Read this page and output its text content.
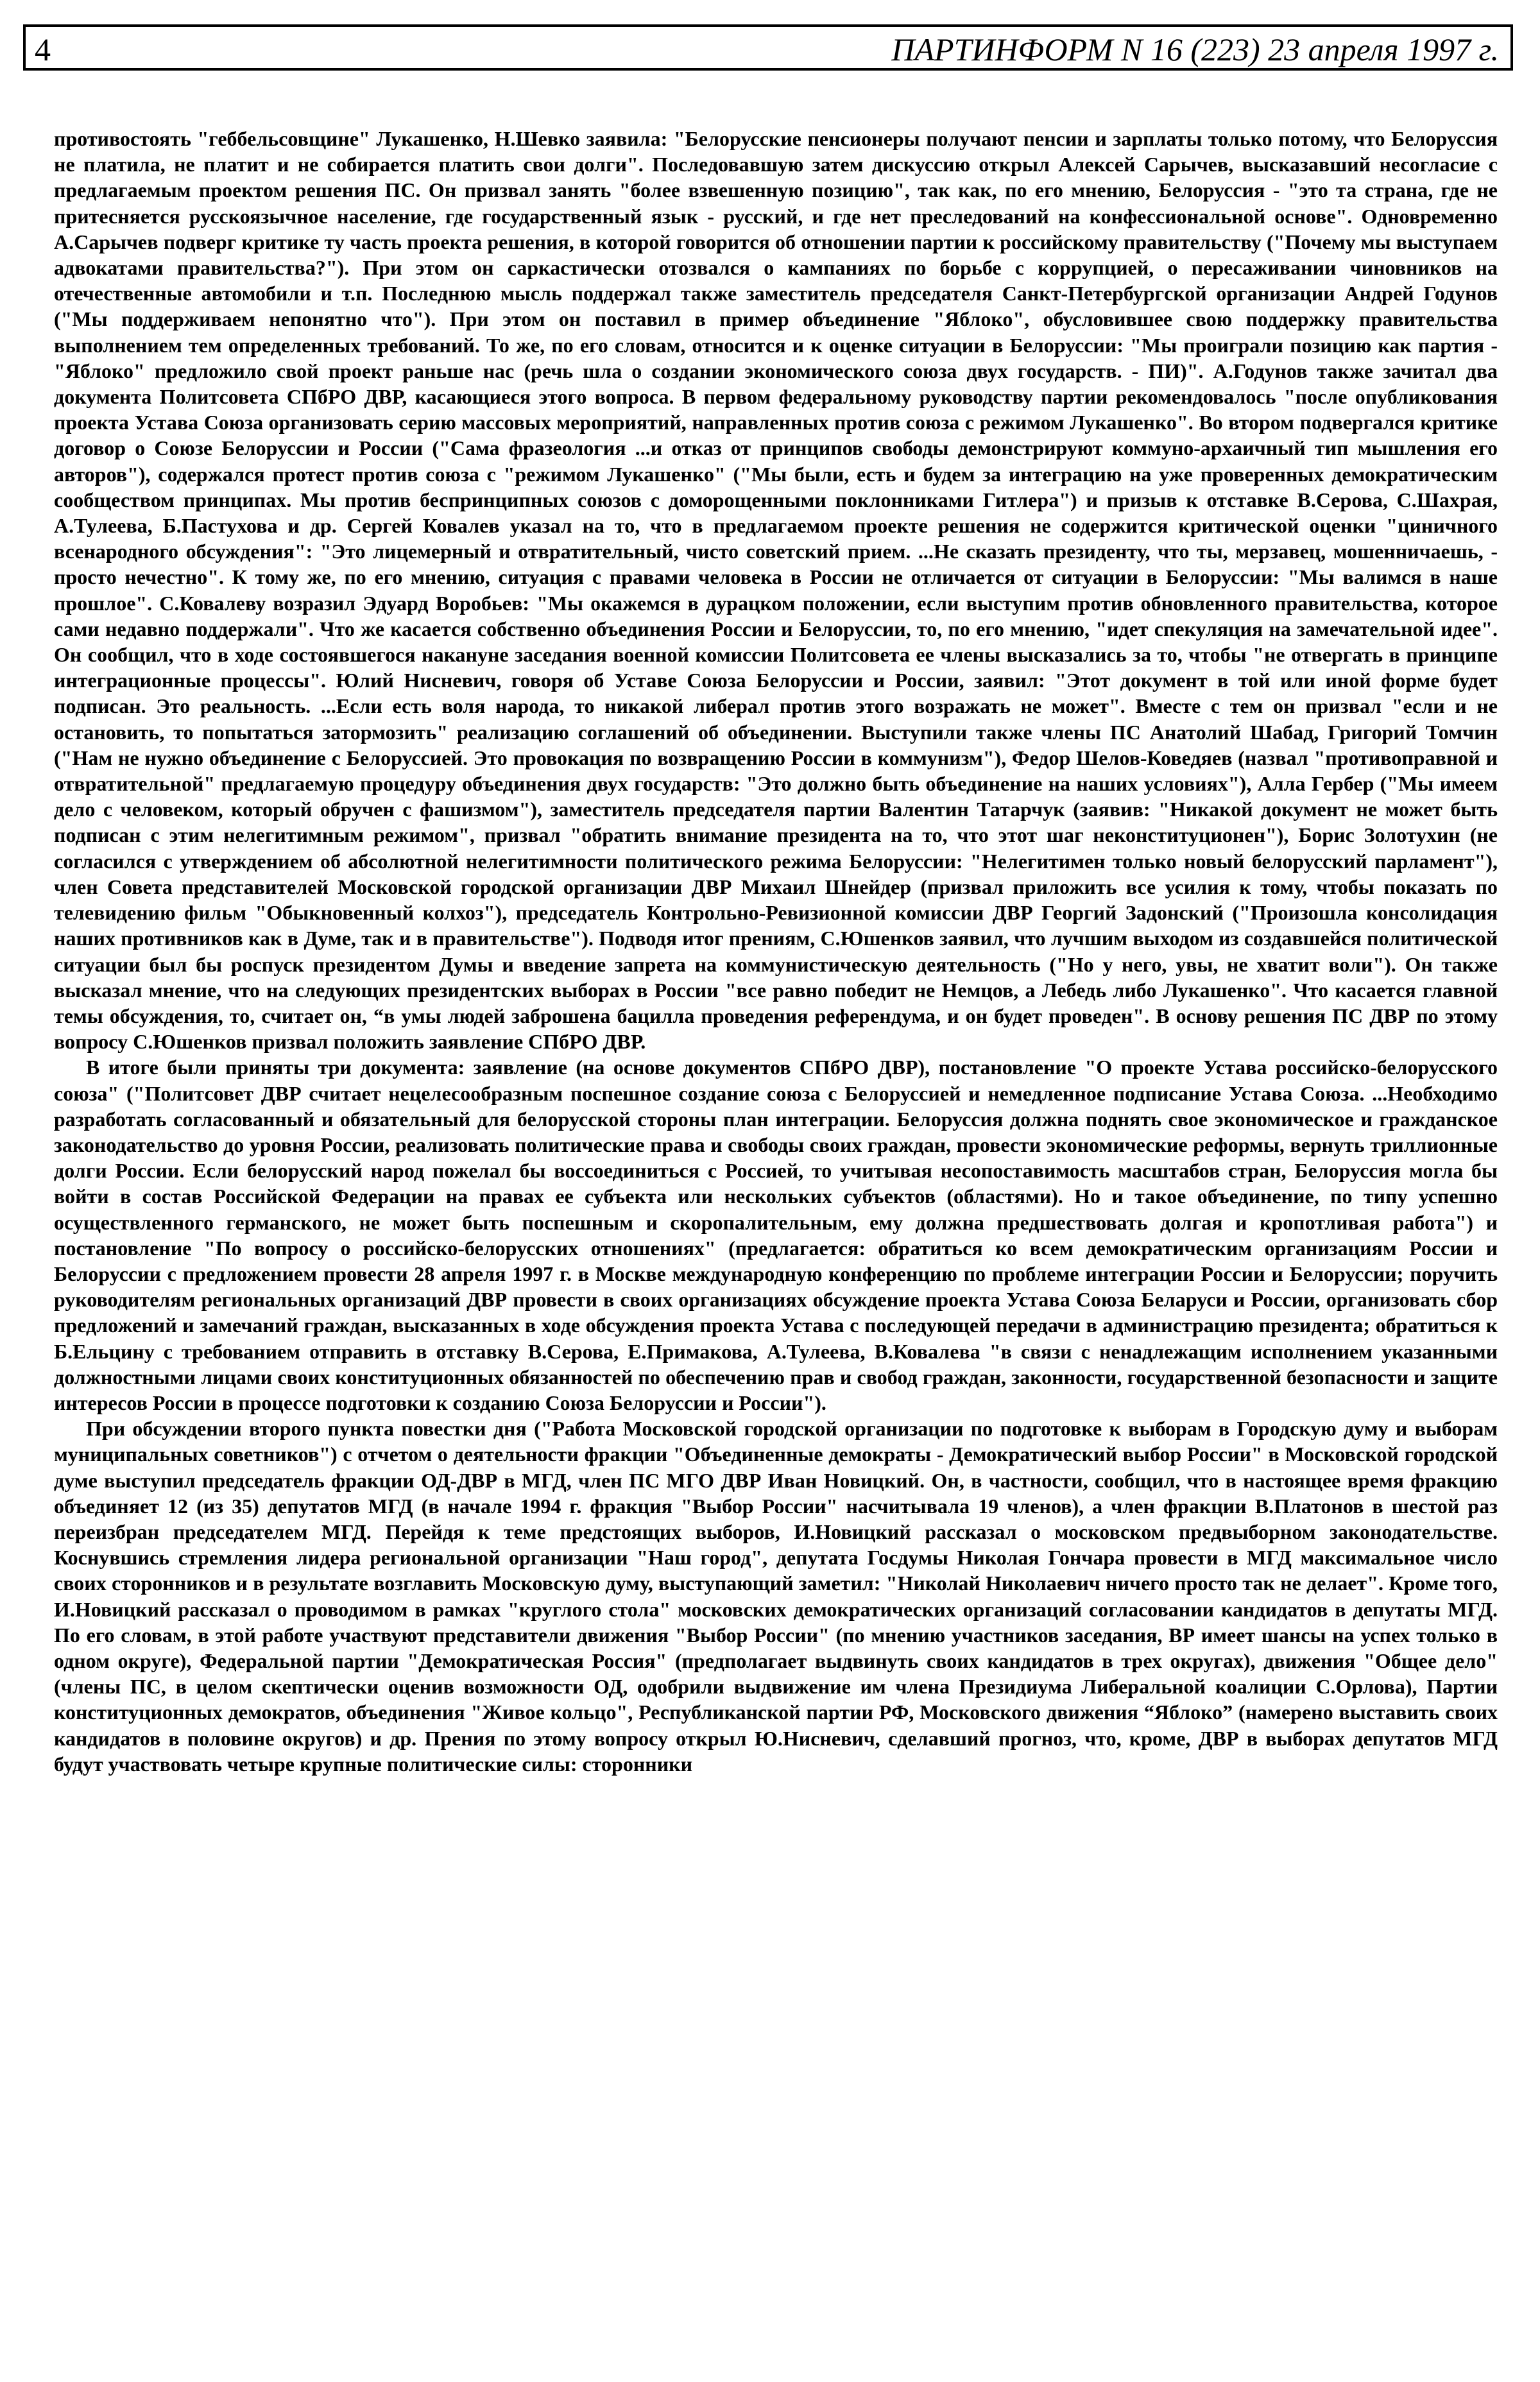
4	ПАРТИНФОРМ N 16 (223) 23 апреля 1997 г.

противостоять "геббельсовщине" Лукашенко, Н.Шевко заявила: "Белорусские пенсионеры получают пенсии и зарплаты только потому, что Белоруссия не платила, не платит и не собирается платить свои долги". Последовавшую затем дискуссию открыл Алексей Сарычев, высказавший несогласие с предлагаемым проектом решения ПС. Он призвал занять "более взвешенную позицию", так как, по его мнению, Белоруссия - "это та страна, где не притесняется русскоязычное население, где государственный язык - русский, и где нет преследований на конфессиональной основе". Одновременно А.Сарычев подверг критике ту часть проекта решения, в которой говорится об отношении партии к российскому правительству ("Почему мы выступаем адвокатами правительства?"). При этом он саркастически отозвался о кампаниях по борьбе с коррупцией, о пересаживании чиновников на отечественные автомобили и т.п. Последнюю мысль поддержал также заместитель председателя Санкт-Петербургской организации Андрей Годунов ("Мы поддерживаем непонятно что"). При этом он поставил в пример объединение "Яблоко", обусловившее свою поддержку правительства выполнением тем определенных требований. То же, по его словам, относится и к оценке ситуации в Белоруссии: "Мы проиграли позицию как партия - "Яблоко" предложило свой проект раньше нас (речь шла о создании экономического союза двух государств. - ПИ)". А.Годунов также зачитал два документа Политсовета СПбРО ДВР, касающиеся этого вопроса. В первом федеральному руководству партии рекомендовалось "после опубликования проекта Устава Союза организовать серию массовых мероприятий, направленных против союза с режимом Лукашенко". Во втором подвергался критике договор о Союзе Белоруссии и России ("Сама фразеология ...и отказ от принципов свободы демонстрируют коммуно-архаичный тип мышления его авторов"), содержался протест против союза с "режимом Лукашенко" ("Мы были, есть и будем за интеграцию на уже проверенных демократическим сообществом принципах. Мы против беспринципных союзов с доморощенными поклонниками Гитлера") и призыв к отставке В.Серова, С.Шахрая, А.Тулеева, Б.Пастухова и др. Сергей Ковалев указал на то, что в предлагаемом проекте решения не содержится критической оценки "циничного всенародного обсуждения": "Это лицемерный и отвратительный, чисто советский прием. ...Не сказать президенту, что ты, мерзавец, мошенничаешь, - просто нечестно". К тому же, по его мнению, ситуация с правами человека в России не отличается от ситуации в Белоруссии: "Мы валимся в наше прошлое". С.Ковалеву возразил Эдуард Воробьев: "Мы окажемся в дурацком положении, если выступим против обновленного правительства, которое сами недавно поддержали". Что же касается собственно объединения России и Белоруссии, то, по его мнению, "идет спекуляция на замечательной идее". Он сообщил, что в ходе состоявшегося накануне заседания военной комиссии Политсовета ее члены высказались за то, чтобы "не отвергать в принципе интеграционные процессы". Юлий Нисневич, говоря об Уставе Союза Белоруссии и России, заявил: "Этот документ в той или иной форме будет подписан. Это реальность. ...Если есть воля народа, то никакой либерал против этого возражать не может". Вместе с тем он призвал "если и не остановить, то попытаться затормозить" реализацию соглашений об объединении. Выступили также члены ПС Анатолий Шабад, Григорий Томчин ("Нам не нужно объединение с Белоруссией. Это провокация по возвращению России в коммунизм"), Федор Шелов-Коведяев (назвал "противоправной и отвратительной" предлагаемую процедуру объединения двух государств: "Это должно быть объединение на наших условиях"), Алла Гербер ("Мы имеем дело с человеком, который обручен с фашизмом"), заместитель председателя партии Валентин Татарчук (заявив: "Никакой документ не может быть подписан с этим нелегитимным режимом", призвал "обратить внимание президента на то, что этот шаг неконституционен"), Борис Золотухин (не согласился с утверждением об абсолютной нелегитимности политического режима Белоруссии: "Нелегитимен только новый белорусский парламент"), член Совета представителей Московской городской организации ДВР Михаил Шнейдер (призвал приложить все усилия к тому, чтобы показать по телевидению фильм "Обыкновенный колхоз"), председатель Контрольно-Ревизионной комиссии ДВР Георгий Задонский ("Произошла консолидация наших противников как в Думе, так и в правительстве"). Подводя итог прениям, С.Юшенков заявил, что лучшим выходом из создавшейся политической ситуации был бы роспуск президентом Думы и введение запрета на коммунистическую деятельность ("Но у него, увы, не хватит воли"). Он также высказал мнение, что на следующих президентских выборах в России "все равно победит не Немцов, а Лебедь либо Лукашенко". Что касается главной темы обсуждения, то, считает он, “в умы людей заброшена бацилла проведения референдума, и он будет проведен". В основу решения ПС ДВР по этому вопросу С.Юшенков призвал положить заявление СПбРО ДВР.

В итоге были приняты три документа: заявление (на основе документов СПбРО ДВР), постановление "О проекте Устава российско-белорусского союза" ("Политсовет ДВР считает нецелесообразным поспешное создание союза с Белоруссией и немедленное подписание Устава Союза. ...Необходимо разработать согласованный и обязательный для белорусской стороны план интеграции. Белоруссия должна поднять свое экономическое и гражданское законодательство до уровня России, реализовать политические права и свободы своих граждан, провести экономические реформы, вернуть триллионные долги России. Если белорусский народ пожелал бы воссоединиться с Россией, то учитывая несопоставимость масштабов стран, Белоруссия могла бы войти в состав Российской Федерации на правах ее субъекта или нескольких субъектов (областями). Но и такое объединение, по типу успешно осуществленного германского, не может быть поспешным и скоропалительным, ему должна предшествовать долгая и кропотливая работа") и постановление "По вопросу о российско-белорусских отношениях" (предлагается: обратиться ко всем демократическим организациям России и Белоруссии с предложением провести 28 апреля 1997 г. в Москве международную конференцию по проблеме интеграции России и Белоруссии; поручить руководителям региональных организаций ДВР провести в своих организациях обсуждение проекта Устава Союза Беларуси и России, организовать сбор предложений и замечаний граждан, высказанных в ходе обсуждения проекта Устава с последующей передачи в администрацию президента; обратиться к Б.Ельцину с требованием отправить в отставку В.Серова, Е.Примакова, А.Тулеева, В.Ковалева "в связи с ненадлежащим исполнением указанными должностными лицами своих конституционных обязанностей по обеспечению прав и свобод граждан, законности, государственной безопасности и защите интересов России в процессе подготовки к созданию Союза Белоруссии и России").

При обсуждении второго пункта повестки дня ("Работа Московской городской организации по подготовке к выборам в Городскую думу и выборам муниципальных советников") с отчетом о деятельности фракции "Объединенные демократы - Демократический выбор России" в Московской городской думе выступил председатель фракции ОД-ДВР в МГД, член ПС МГО ДВР Иван Новицкий. Он, в частности, сообщил, что в настоящее время фракцию объединяет 12 (из 35) депутатов МГД (в начале 1994 г. фракция "Выбор России" насчитывала 19 членов), а член фракции В.Платонов в шестой раз переизбран председателем МГД. Перейдя к теме предстоящих выборов, И.Новицкий рассказал о московском предвыборном законодательстве. Коснувшись стремления лидера региональной организации "Наш город", депутата Госдумы Николая Гончара провести в МГД максимальное число своих сторонников и в результате возглавить Московскую думу, выступающий заметил: "Николай Николаевич ничего просто так не делает". Кроме того, И.Новицкий рассказал о проводимом в рамках "круглого стола" московских демократических организаций согласовании кандидатов в депутаты МГД. По его словам, в этой работе участвуют представители движения "Выбор России" (по мнению участников заседания, ВР имеет шансы на успех только в одном округе), Федеральной партии "Демократическая Россия" (предполагает выдвинуть своих кандидатов в трех округах), движения "Общее дело" (члены ПС, в целом скептически оценив возможности ОД, одобрили выдвижение им члена Президиума Либеральной коалиции С.Орлова), Партии конституционных демократов, объединения "Живое кольцо", Республиканской партии РФ, Московского движения “Яблоко” (намерено выставить своих кандидатов в половине округов) и др. Прения по этому вопросу открыл Ю.Нисневич, сделавший прогноз, что, кроме, ДВР в выборах депутатов МГД будут участвовать четыре крупные политические силы: сторонники
